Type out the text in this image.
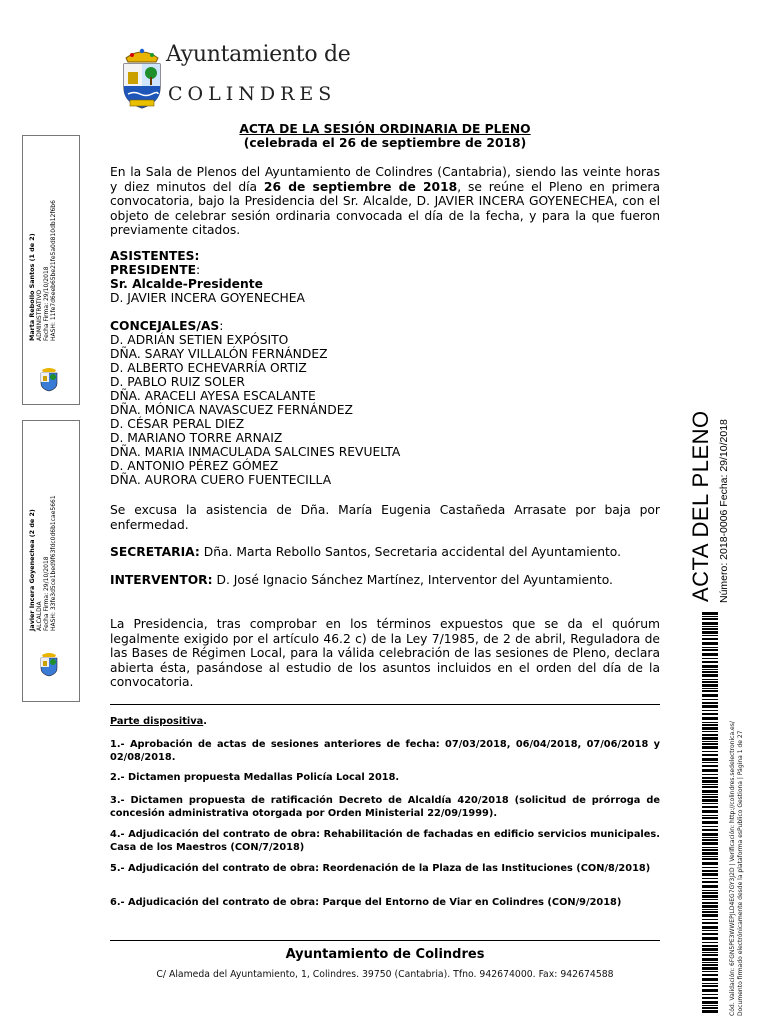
Ayuntamiento de
COLINDRES
ACTA DE LA SESIÓN ORDINARIA DE PLENO
(celebrada el 26 de septiembre de 2018)
En la Sala de Plenos del Ayuntamiento de Colindres (Cantabria), siendo las veinte horas y diez minutos del día 26 de septiembre de 2018, se reúne el Pleno en primera convocatoria, bajo la Presidencia del Sr. Alcalde, D. JAVIER INCERA GOYENECHEA, con el objeto de celebrar sesión ordinaria convocada el día de la fecha, y para la que fueron previamente citados.
ASISTENTES:
PRESIDENTE:
Sr. Alcalde-Presidente
D. JAVIER INCERA GOYENECHEA
CONCEJALES/AS:
D. ADRIÁN SETIEN EXPÓSITO
DÑA. SARAY VILLALÓN FERNÁNDEZ
D. ALBERTO ECHEVARRÍA ORTIZ
D. PABLO RUIZ SOLER
DÑA. ARACELI AYESA ESCALANTE
DÑA. MÓNICA NAVASCUEZ FERNÁNDEZ
D. CÉSAR PERAL DIEZ
D. MARIANO TORRE ARNAIZ
DÑA. MARIA INMACULADA SALCINES REVUELTA
D. ANTONIO PÉREZ GÓMEZ
DÑA. AURORA CUERO FUENTECILLA
Se excusa la asistencia de Dña. María Eugenia Castañeda Arrasate por baja por enfermedad.
SECRETARIA: Dña. Marta Rebollo Santos, Secretaria accidental del Ayuntamiento.
INTERVENTOR: D. José Ignacio Sánchez Martínez, Interventor del Ayuntamiento.
La Presidencia, tras comprobar en los términos expuestos que se da el quórum legalmente exigido por el artículo 46.2 c) de la Ley 7/1985, de 2 de abril, Reguladora de las Bases de Régimen Local, para la válida celebración de las sesiones de Pleno, declara abierta ésta, pasándose al estudio de los asuntos incluidos en el orden del día de la convocatoria.
Parte dispositiva.
1.- Aprobación de actas de sesiones anteriores de fecha: 07/03/2018, 06/04/2018, 07/06/2018 y 02/08/2018.
2.- Dictamen propuesta Medallas Policía Local 2018.
3.- Dictamen propuesta de ratificación Decreto de Alcaldía 420/2018 (solicitud de prórroga de concesión administrativa otorgada por Orden Ministerial 22/09/1999).
4.- Adjudicación del contrato de obra: Rehabilitación de fachadas en edificio servicios municipales. Casa de los Maestros (CON/7/2018)
5.- Adjudicación del contrato de obra: Reordenación de la Plaza de las Instituciones (CON/8/2018)
6.- Adjudicación del contrato de obra: Parque del Entorno de Viar en Colindres (CON/9/2018)
Ayuntamiento de Colindres
C/ Alameda del Ayuntamiento, 1, Colindres. 39750 (Cantabria). Tfno. 942674000. Fax: 942674588
Marta Rebollo Santos (1 de 2) ADMINISTRATIVO Fecha Firma: 29/10/2018 HASH: 11fe7d6eeb65be21fe5a0d810db12f6b6
Javier Incera Goyenechea (2 de 2) ALCALDIA Fecha Firma: 29/10/2018 HASH: 33fe3d5ce1bed9f63fdc0d6b1cae5661	ACTA DEL PLENO Número: 2018-0006 Fecha: 29/10/2018
Cód. Validación: 6FGN5PE3WWEPJLD4EG7GY3J2D | Verificación: http://colindres.sedelectronica.es/ Documento firmado electrónicamente desde la plataforma esPublico Gestiona | Página 1 de 27
